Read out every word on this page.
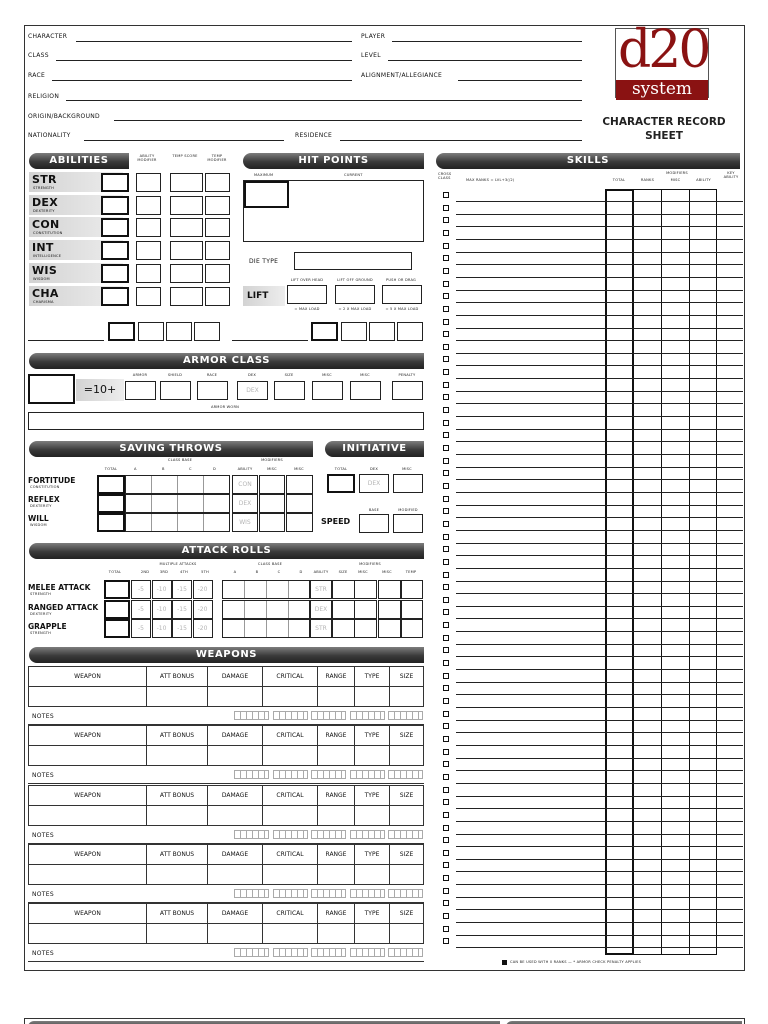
CHARACTER	PLAYER
CLASS	LEVEL
RACE	ALIGNMENT/ALLEGIANCE
RELIGION
ORIGIN/BACKGROUND
NATIONALITY	RESIDENCE
d20
system
CHARACTER RECORD
SHEET
ABILITIES	ABILITY MODIFIER
TEMP SCORE	TEMP MODIFIER
STR
STRENGTH
DEX
DEXTERITY
CON
CONSTITUTION
INT
INTELLIGENCE
WIS
WISDOM
CHA
CHARISMA
HIT POINTS
MAXIMUM	CURRENT
DIE TYPE
LIFT OVER HEAD	LIFT OFF GROUND	PUSH OR DRAG
LIFT
= MAX LOAD	= 2 X MAX LOAD	= 5 X MAX LOAD
ARMOR CLASS
=10+
ARMOR	SHIELD	RACE	DEX
DEX
SIZE	MISC	MISC	PENALTY
ARMOR WORN
SAVING THROWS
TOTAL
CLASS BASE
A	B	C	D
MODIFIERS
ABILITY	MISC	MISC
FORTITUDE
CONSTITUTION	CON
REFLEX
DEXTERITY	DEX
WILL
WISDOM	WIS
INITIATIVE
TOTAL	DEX	MISC
DEX
BASE	MODIFIED
SPEED
ATTACK ROLLS
MULTIPLE ATTACKS	CLASS BASE	MODIFIERS
TOTAL	2ND	3RD	4TH	5TH	A	B	C	D	ABILITY	SIZE	MISC	MISC	TEMP
MELEE ATTACK
STRENGTH
-5	-10	-15	-20	STR
RANGED ATTACK
DEXTERITY
-5	-10	-15	-20	DEX
GRAPPLE
STRENGTH
-5	-10	-15	-20	STR
WEAPONS
WEAPON	ATT BONUS	DAMAGE	CRITICAL	RANGE	TYPE	SIZE

NOTES
WEAPON	ATT BONUS	DAMAGE	CRITICAL	RANGE	TYPE	SIZE

NOTES
WEAPON	ATT BONUS	DAMAGE	CRITICAL	RANGE	TYPE	SIZE

NOTES
WEAPON	ATT BONUS	DAMAGE	CRITICAL	RANGE	TYPE	SIZE

NOTES
WEAPON	ATT BONUS	DAMAGE	CRITICAL	RANGE	TYPE	SIZE

NOTES
SKILLS
CROSS CLASS	MAX RANKS = LVL+3(/2)	TOTAL	RANKS
MODIFIERS
MISC	ABILITY
KEY ABILITY
CAN BE USED WITH 0 RANKS — * ARMOR CHECK PENALTY APPLIES
